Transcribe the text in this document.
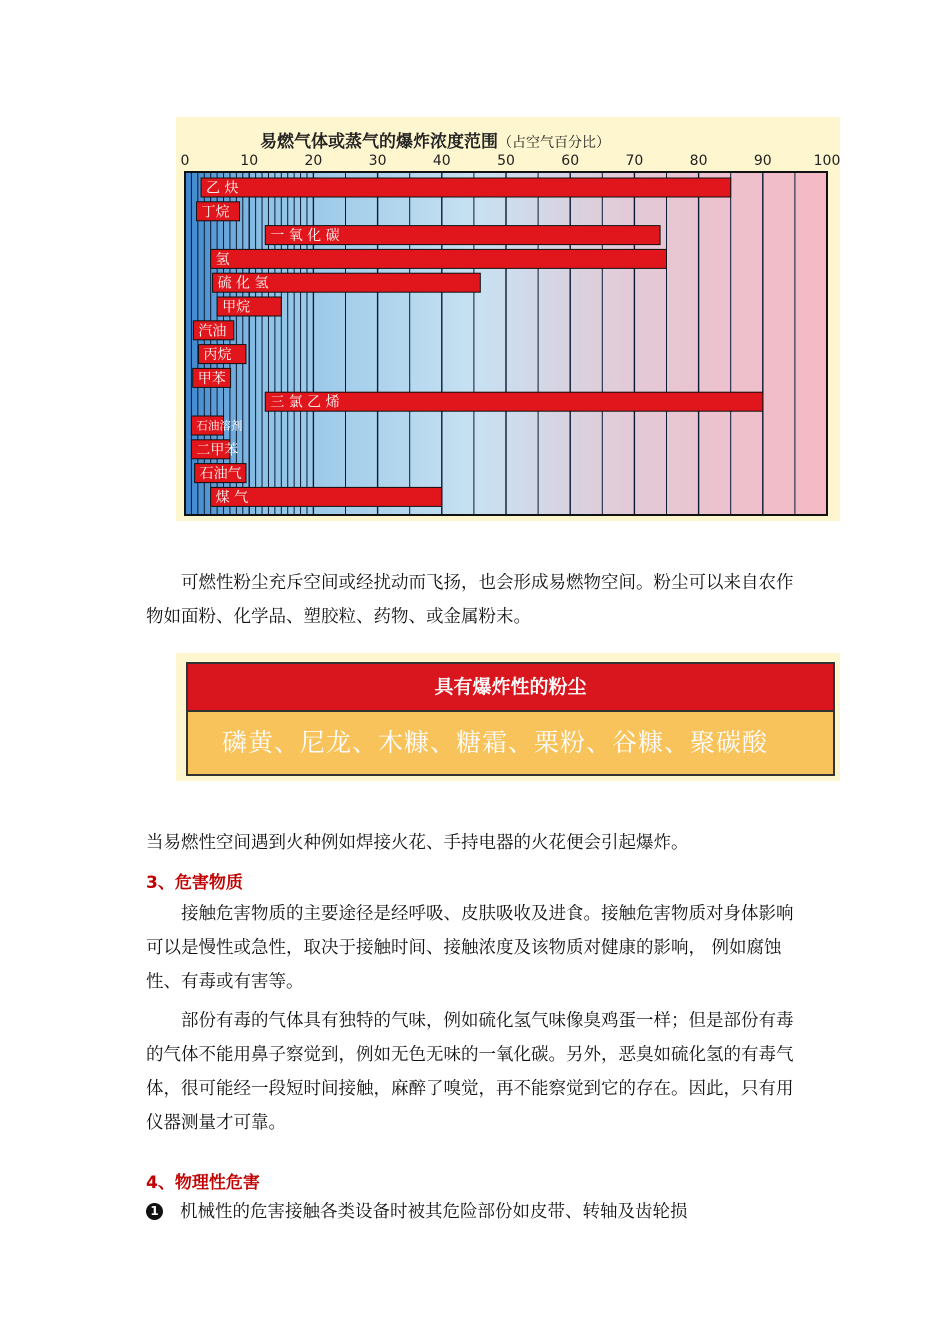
0	10	20	30	40	50	60	70	80	90	100
乙 炔
丁烷
一 氧 化 碳
氢
硫 化 氢
甲烷
汽油
丙烷
甲苯
三 氯 乙 烯
石油溶剂
二甲苯
石油气
煤 气
易燃气体或蒸气的爆炸浓度范围（占空气百分比）

可燃性粉尘充斥空间或经扰动而飞扬，也会形成易燃物空间。粉尘可以来自农作物如面粉、化学品、塑胶粒、药物、或金属粉末。

具有爆炸性的粉尘
磷黄、尼龙、木糠、糖霜、栗粉、谷糠、聚碳酸

当易燃性空间遇到火种例如焊接火花、手持电器的火花便会引起爆炸。

3、危害物质

接触危害物质的主要途径是经呼吸、皮肤吸收及进食。接触危害物质对身体影响可以是慢性或急性，取决于接触时间、接触浓度及该物质对健康的影响， 例如腐蚀性、有毒或有害等。

部份有毒的气体具有独特的气味，例如硫化氢气味像臭鸡蛋一样；但是部份有毒的气体不能用鼻子察觉到，例如无色无味的一氧化碳。另外，恶臭如硫化氢的有毒气体，很可能经一段短时间接触，麻醉了嗅觉，再不能察觉到它的存在。因此，只有用仪器测量才可靠。

4、物理性危害

1 机械性的危害接触各类设备时被其危险部份如皮带、转轴及齿轮损
